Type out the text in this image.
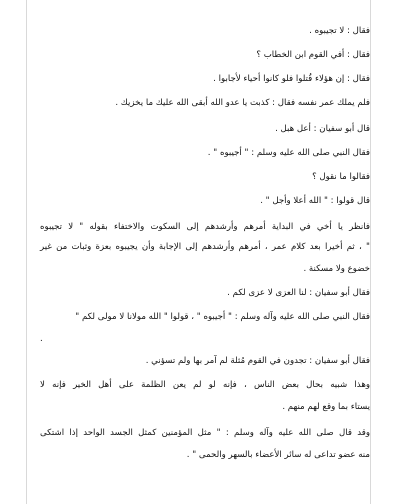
فقال : لا تجيبوه .
فقال : أفي القوم ابن الخطاب ؟
فقال : إن هؤلاء قُتلوا فلو كانوا أحياء لأجابوا .
فلم يملك عمر نفسه فقال : كذبت يا عدو الله أبقى الله عليك ما يخزيك .
قال أبو سفيان : أعل هبل .
فقال النبي صلى الله عليه وسلم : " أجيبوه " .
فقالوا ما نقول ؟
قال قولوا : " الله أعلا وأجل " .
فانظر يا أخي في البداية أمرهم وأرشدهم إلى السكوت والاختفاء بقوله " لا تجيبوه
" ، ثم أخيرا بعد كلام عمر ، أمرهم وأرشدهم إلى الإجابة وأن يجيبوه بعزة وثبات من غير
خضوع ولا مسكنة .
فقال أبو سفيان : لنا العزى لا عزى لكم .
فقال النبي صلى الله عليه وآله وسلم : " أجيبوه " ، قولوا " الله مولانا لا مولى لكم "
.
فقال أبو سفيان : تجدون في القوم مُثلة لم آمر بها ولم تسؤني .
وهذا شبيه بحال بعض الناس ، فإنه لو لم يعن الظلمة على أهل الخير فإنه لا
يستاء بما وقع لهم منهم .
وقد قال صلى الله عليه وآله وسلم : " مثل المؤمنين كمثل الجسد الواحد إذا اشتكى
منه عضو تداعى له سائر الأعضاء بالسهر والحمى " .
